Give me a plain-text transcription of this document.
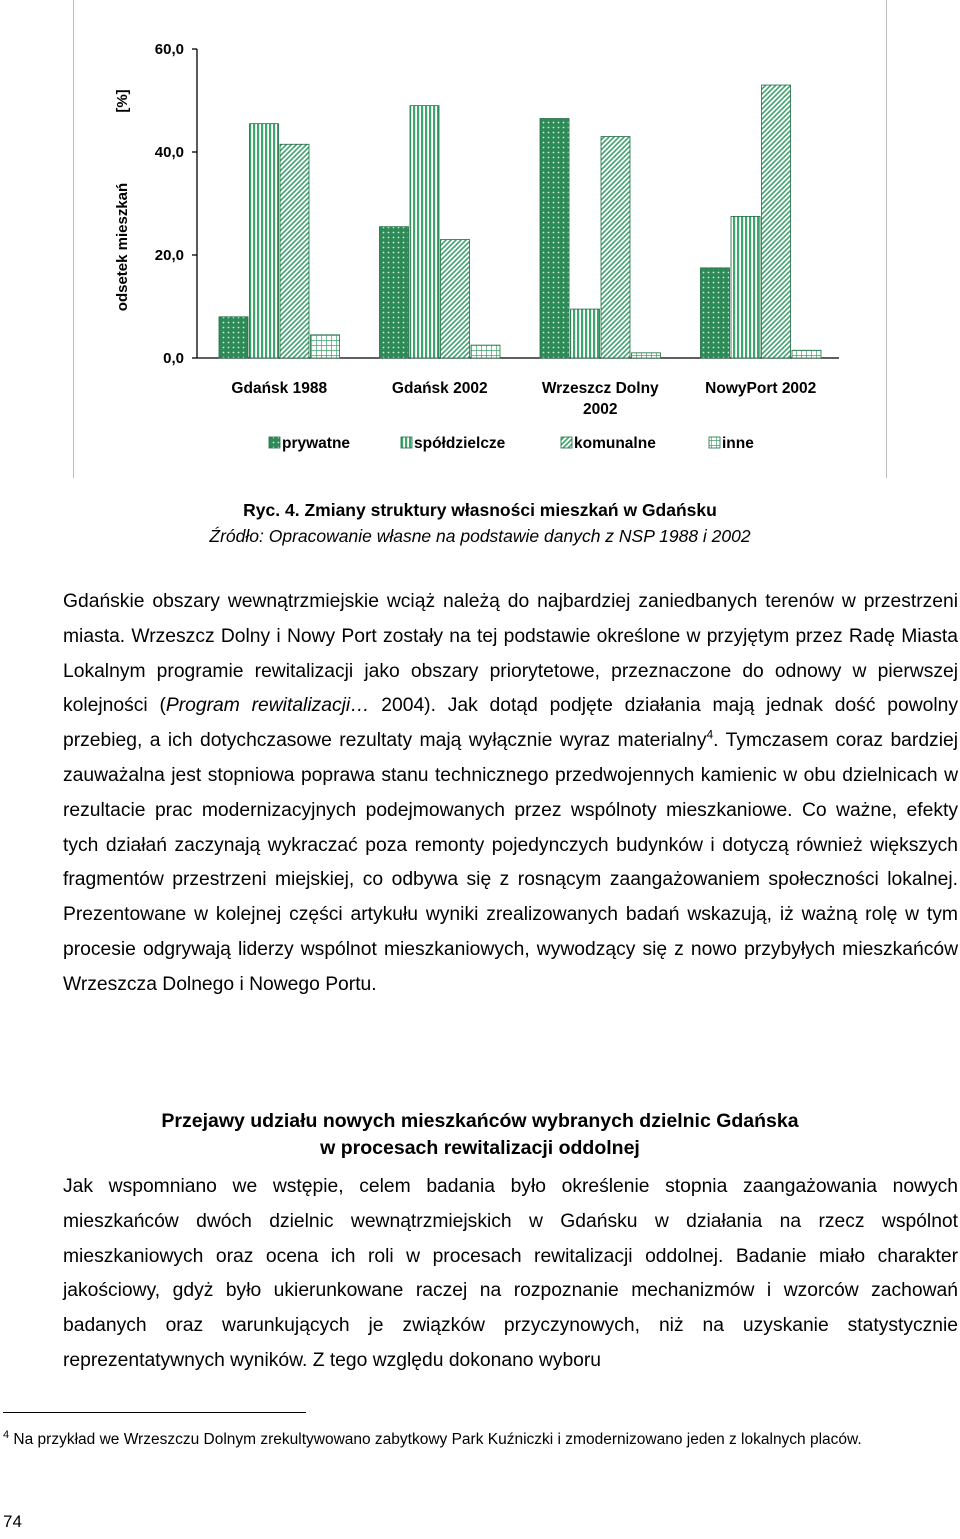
0,0
20,0
40,0
60,0
odsetek mieszkań
[%]
Gdańsk 1988	Gdańsk 2002	Wrzeszcz Dolny
2002
NowyPort 2002
prywatne	spółdzielcze	komunalne	inne
Ryc. 4. Zmiany struktury własności mieszkań w Gdańsku
Źródło: Opracowanie własne na podstawie danych z NSP 1988 i 2002

Gdańskie obszary wewnątrzmiejskie wciąż należą do najbardziej zaniedbanych terenów w przestrzeni miasta. Wrzeszcz Dolny i Nowy Port zostały na tej podstawie określone w przyjętym przez Radę Miasta Lokalnym programie rewitalizacji jako obszary priorytetowe, przeznaczone do odnowy w pierwszej kolejności (Program rewitalizacji… 2004). Jak dotąd podjęte działania mają jednak dość powolny przebieg, a ich dotychczasowe rezultaty mają wyłącznie wyraz materialny$^4$. Tymczasem coraz bardziej zauważalna jest stopniowa poprawa stanu technicznego przedwojennych kamienic w obu dzielnicach w rezultacie prac modernizacyjnych podejmowanych przez wspólnoty mieszkaniowe. Co ważne, efekty tych działań zaczynają wykraczać poza remonty pojedynczych budynków i dotyczą również większych fragmentów przestrzeni miejskiej, co odbywa się z rosnącym zaangażowaniem społeczności lokalnej. Prezentowane w kolejnej części artykułu wyniki zrealizowanych badań wskazują, iż ważną rolę w tym procesie odgrywają liderzy wspólnot mieszkaniowych, wywodzący się z nowo przybyłych mieszkańców Wrzeszcza Dolnego i Nowego Portu.

Przejawy udziału nowych mieszkańców wybranych dzielnic Gdańska
w procesach rewitalizacji oddolnej

Jak wspomniano we wstępie, celem badania było określenie stopnia zaangażowania nowych mieszkańców dwóch dzielnic wewnątrzmiejskich w Gdańsku w działania na rzecz wspólnot mieszkaniowych oraz ocena ich roli w procesach rewitalizacji oddolnej. Badanie miało charakter jakościowy, gdyż było ukierunkowane raczej na rozpoznanie mechanizmów i wzorców zachowań badanych oraz warunkujących je związków przyczynowych, niż na uzyskanie statystycznie reprezentatywnych wyników. Z tego względu dokonano wyboru

$^4$ Na przykład we Wrzeszczu Dolnym zrekultywowano zabytkowy Park Kuźniczki i zmodernizowano jeden z lokalnych placów.
74
